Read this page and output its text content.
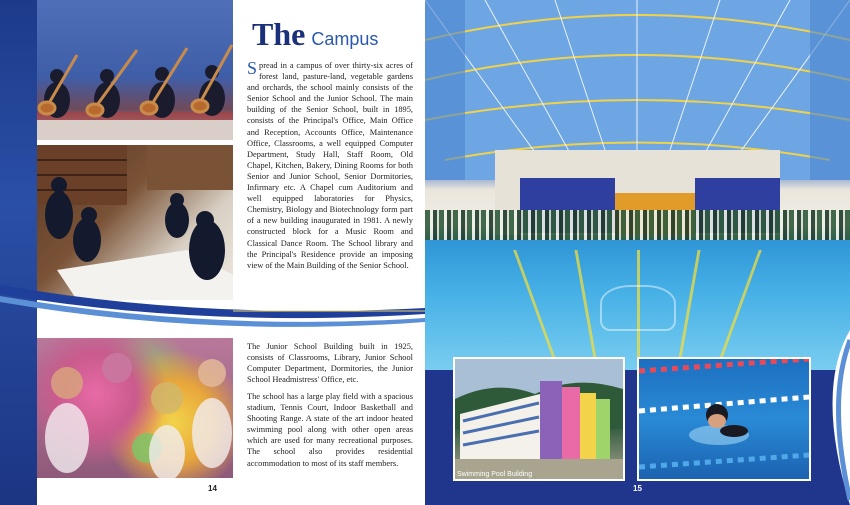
The Campus

Spread in a campus of over thirty-six acres of forest land, pasture-land, vegetable gardens and orchards, the school mainly consists of the Senior School and the Junior School. The main building of the Senior School, built in 1895, consists of the Principal's Office, Main Office and Reception, Accounts Office, Maintenance Office, Classrooms, a well equipped Computer Department, Study Hall, Staff Room, Old Chapel, Kitchen, Bakery, Dining Rooms for both Senior and Junior School, Senior Dormitories, Infirmary etc. A Chapel cum Auditorium and well equipped laboratories for Physics, Chemistry, Biology and Biotechnology form part of a new building inaugurated in 1981. A newly constructed block for a Music Room and Classical Dance Room. The School library and the Principal's Residence provide an imposing view of the Main Building of the Senior School.

The Junior School Building built in 1925, consists of Classrooms, Library, Junior School Computer Department, Dormitories, the Junior School Headmistress' Office, etc.

The school has a large play field with a spacious stadium, Tennis Court, Indoor Basketball and Shooting Range. A state of the art indoor heated swimming pool along with other open areas which are used for many recreational purposes. The school also provides residential accommodation to most of its staff members.

14
Swimming Pool Building
15
